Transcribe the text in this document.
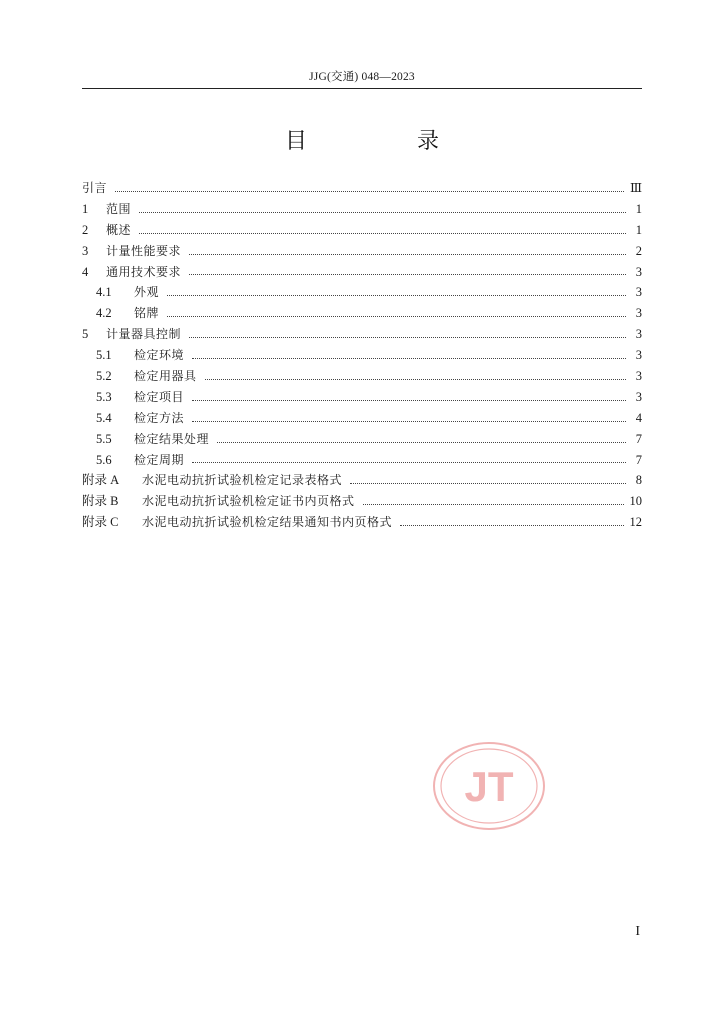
JJG(交通) 048—2023
目　录
引言	Ⅲ
1	范围	1
2	概述	1
3	计量性能要求	2
4	通用技术要求	3
4.1	外观	3
4.2	铭牌	3
5	计量器具控制	3
5.1	检定环境	3
5.2	检定用器具	3
5.3	检定项目	3
5.4	检定方法	4
5.5	检定结果处理	7
5.6	检定周期	7
附录 A	水泥电动抗折试验机检定记录表格式	8
附录 B	水泥电动抗折试验机检定证书内页格式	10
附录 C	水泥电动抗折试验机检定结果通知书内页格式	12
JT
I
